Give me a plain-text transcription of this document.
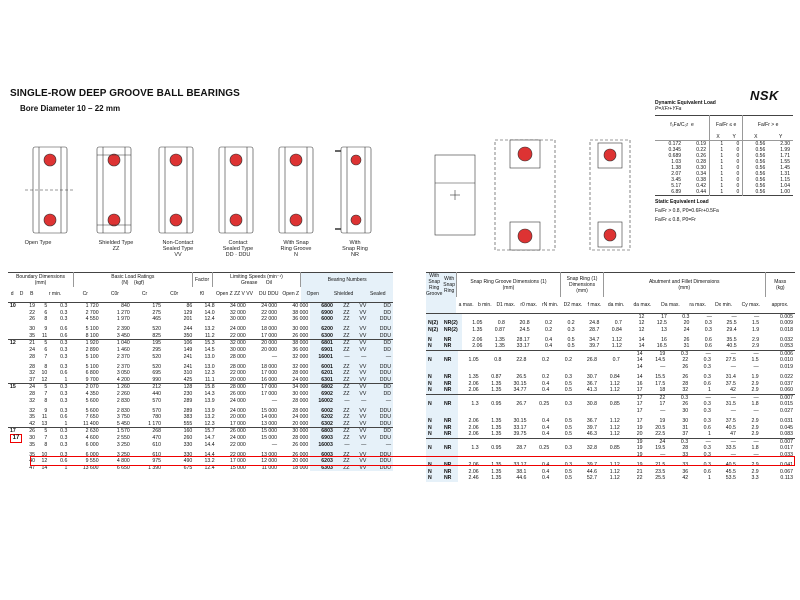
SINGLE-ROW DEEP GROOVE BALL BEARINGS
Bore Diameter 10 – 22 mm
NSK
Open Type	Shielded Type
ZZ
Non-Contact
Sealed Type
VV
Contact
Sealed Type
DD · DDU
With Snap
Ring Groove
N
With
Snap Ring
NR
Dynamic Equivalent Load
P=XFr+YFa
f₀Fa/C₀r  e		Fa/Fr ≤ e		Fa/Fr > e	
		X	Y	X	Y
0.172	0.19	1	0	0.56	2.30
0.345	0.22	1	0	0.56	1.99
0.689	0.26	1	0	0.56	1.71
1.03	0.28	1	0	0.56	1.55
1.38	0.30	1	0	0.56	1.45
2.07	0.34	1	0	0.56	1.31
3.45	0.38	1	0	0.56	1.15
5.17	0.42	1	0	0.56	1.04
6.89	0.44	1	0	0.56	1.00
Static Equivalent Load
Fa/Fr > 0.8, P0=0.6Fr+0.5Fa
Fa/Fr ≤ 0.8, P0=Fr
Boundary Dimensions
(mm)				Basic Load Ratings
(N) {kgf}				Factor	Limiting Speeds (min⁻¹)
Grease Oil			Bearing Numbers		
d	D	B	r min.	Cr	C0r	Cr	C0r	f0	Open Z ZZ V VV	DU DDU	Open Z	Open	Shielded	Sealed
10	19	5	0.3	1 720	840	175	86	14.8	34 000	24 000	40 000	6800	ZZ	VV	DD
	22	6	0.3	2 700	1 270	275	129	14.0	32 000	22 000	38 000	6900	ZZ	VV	DD
	26	8	0.3	4 550	1 970	465	201	12.4	30 000	22 000	36 000	6000	ZZ	VV	DDU
	30	9	0.6	5 100	2 390	520	244	13.2	24 000	18 000	30 000	6200	ZZ	VV	DDU
	35	11	0.6	8 100	3 450	825	350	11.2	22 000	17 000	26 000	6300	ZZ	VV	DDU
12	21	5	0.3	1 920	1 040	195	106	15.3	32 000	20 000	38 000	6801	ZZ	VV	DD
	24	6	0.3	2 890	1 460	295	149	14.5	30 000	20 000	36 000	6901	ZZ	VV	DD
	28	7	0.3	5 100	2 370	520	241	13.0	28 000	—	32 000	16001	—	—	—
	28	8	0.3	5 100	2 370	520	241	13.0	28 000	18 000	32 000	6001	ZZ	VV	DDU
	32	10	0.6	6 800	3 050	695	310	12.3	22 000	17 000	28 000	6201	ZZ	VV	DDU
	37	12	1	9 700	4 200	990	425	11.1	20 000	16 000	24 000	6301	ZZ	VV	DDU
15	24	5	0.3	2 070	1 260	212	128	15.8	28 000	17 000	34 000	6802	ZZ	VV	DD
	28	7	0.3	4 350	2 260	440	230	14.3	26 000	17 000	30 000	6902	ZZ	VV	DD
	32	8	0.3	5 600	2 830	570	289	13.9	24 000	—	28 000	16002	—	—	—
	32	9	0.3	5 600	2 830	570	289	13.9	24 000	15 000	28 000	6002	ZZ	VV	DDU
	35	11	0.6	7 650	3 750	780	383	13.2	20 000	14 000	24 000	6202	ZZ	VV	DDU
	42	13	1	11 400	5 450	1 170	555	12.3	17 000	13 000	20 000	6302	ZZ	VV	DDU
17	26	5	0.3	2 630	1 570	268	160	15.7	26 000	15 000	30 000	6803	ZZ	VV	DD
	30	7	0.3	4 600	2 550	470	260	14.7	24 000	15 000	28 000	6903	ZZ	VV	DDU
	35	8	0.3	6 000	3 250	610	330	14.4	22 000	—	26 000	16003	—	—	—
	35	10	0.3	6 000	3 250	610	330	14.4	22 000	13 000	26 000	6003	ZZ	VV	DDU
	40	12	0.6	9 550	4 800	975	490	13.2	17 000	12 000	20 000	6203	ZZ	VV	DDU
	47	14	1	13 600	6 650	1 390	675	12.4	15 000	11 000	18 000	6303	ZZ	VV	DDU
With Snap Ring Groove	With Snap Ring	Snap Ring Groove Dimensions (1)
(mm)					Snap Ring (1) Dimensions
(mm)		Abutment and Fillet Dimensions
(mm)						Mass
(kg)
		a max.	b min.	D1 max.	r0 max.	rN min.	D2 max.	f max.	da min.	da max.	Da max.	ra max.	Dx min.	Cy max.	approx.
									12	17	0.3	—	—	—	0.005
N(2)	NR(2)	1.05	0.8	20.8	0.2	0.2	24.8	0.7	12	12.5	20	0.3	25.5	1.5	0.009
N(2)	NR(2)	1.35	0.87	24.5	0.2	0.3	28.7	0.84	12	13	24	0.3	29.4	1.9	0.018
N	NR	2.06	1.35	28.17	0.4	0.5	34.7	1.12	14	16	26	0.6	35.5	2.9	0.032
N	NR	2.06	1.35	33.17	0.4	0.5	39.7	1.12	14	16.5	31	0.6	40.5	2.9	0.053
									14	19	0.3	—	—	—	0.006
N	NR	1.05	0.8	22.8	0.2	0.2	26.8	0.7	14	14.5	22	0.3	27.5	1.5	0.010
									14	—	26	0.3	—	—	0.019
N	NR	1.35	0.87	26.5	0.2	0.3	30.7	0.84	14	15.5	26	0.3	31.4	1.9	0.022
N	NR	2.06	1.35	30.15	0.4	0.5	36.7	1.12	16	17.5	28	0.6	37.5	2.9	0.037
N	NR	2.06	1.35	34.77	0.4	0.5	41.3	1.12	17	18	32	1	42	2.9	0.060
									17	22	0.3	—	—	—	0.007
N	NR	1.3	0.95	26.7	0.25	0.3	30.8	0.85	17	17	26	0.3	31.5	1.8	0.015
									17	—	30	0.3	—	—	0.027
N	NR	2.06	1.35	30.15	0.4	0.5	36.7	1.12	17	19	30	0.3	37.5	2.9	0.031
N	NR	2.06	1.35	33.17	0.4	0.5	39.7	1.12	19	20.5	31	0.6	40.5	2.9	0.045
N	NR	2.06	1.35	39.75	0.4	0.5	46.3	1.12	20	22.5	37	1	47	2.9	0.083
									19	24	0.3	—	—	—	0.007
N	NR	1.3	0.95	28.7	0.25	0.3	32.8	0.85	19	19.5	28	0.3	33.5	1.8	0.017
									19	—	33	0.3	—	—	0.033
N	NR	2.06	1.35	33.17	0.4	0.3	39.7	1.12	19	21.5	33	0.3	40.5	2.9	0.041
N	NR	2.06	1.35	38.1	0.4	0.5	44.6	1.12	21	23.5	36	0.6	45.5	2.9	0.067
N	NR	2.46	1.35	44.6	0.4	0.5	52.7	1.12	22	25.5	42	1	53.5	3.3	0.113
17
